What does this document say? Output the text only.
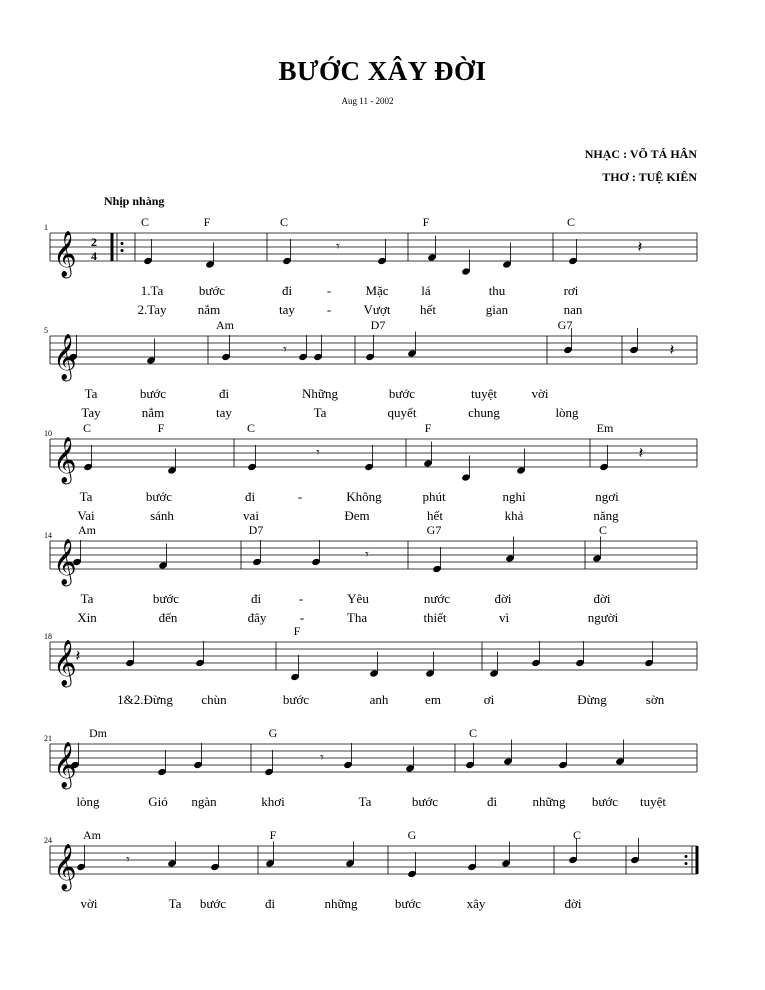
BƯỚC XÂY ĐỜI
Aug 11 - 2002
NHẠC : VÕ TÁ HÂN
THƠ : TUỆ KIÊN
Nhịp nhàng
𝄞 2
4
1	C	F	C	F	C
𝄽
𝄾
1.Ta	bước	đi	-	Mặc	lá	thu	rơi
2.Tay nắm	tay - Vượt hết	gian	nan
𝄞
5	Am	D7	G7
𝄽
𝄾
Ta	bước	đi	Những	bước	tuyệt	vời
Tay	nắm	tay	Ta	quyết	chung	lòng
𝄞
10	C	F	C	F	Em
𝄽
𝄾
Ta	bước	đi	-	Không	phút	nghỉ	ngơi
Vai	sánh	vai	Đem	hết	khả	năng
𝄞
14 Am	D7	G7	C
𝄾
Ta	bước	đi	-	Yêu	nước	đời	đời
Xin	đến	đây	-	Tha	thiết	vì	người
𝄞
18	F
𝄽
1&2.Đừng chùn	bước	anh	em	ơi	Đừng	sờn
𝄞
21	Dm	G	C
𝄾
lòng	Gió ngàn	khơi	Ta	bước	đi	những bước tuyệt
𝄞
24	Am	F	G	C
𝄾
vời	Ta bước	đi	những	bước	xây	đời
